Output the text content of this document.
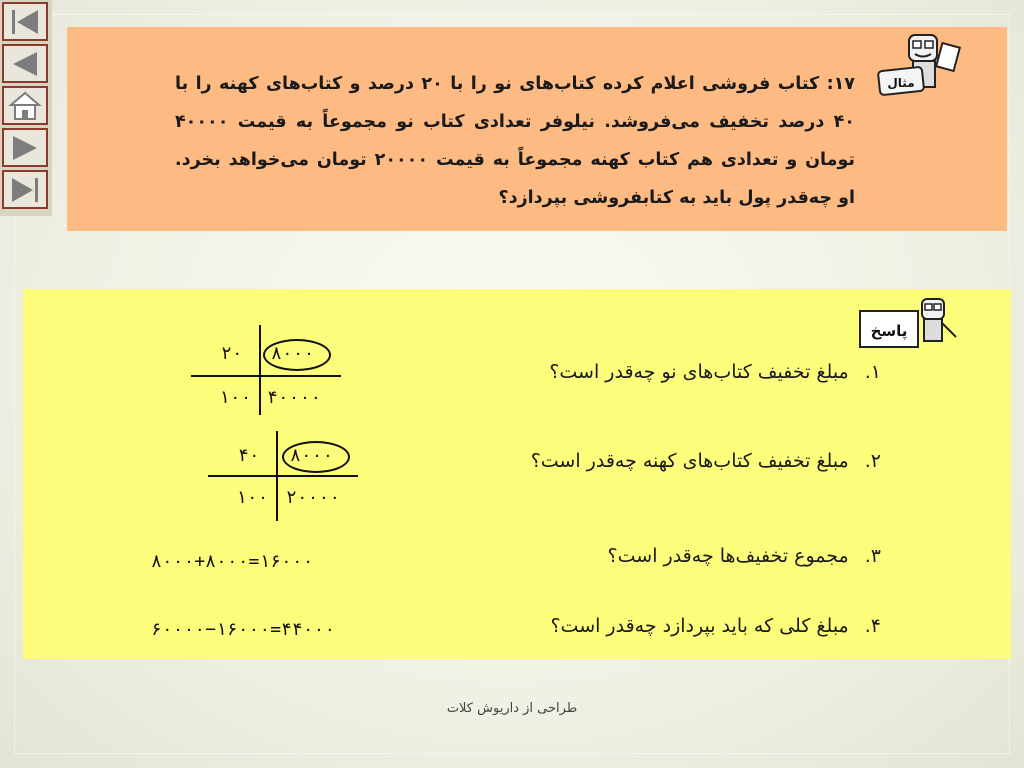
مثال
۱۷: کتاب فروشی اعلام کرده کتاب‌های نو را با ۲۰ درصد و کتاب‌های کهنه را با ۴۰ درصد تخفیف می‌فروشد. نیلوفر تعدادی کتاب نو مجموعاً به قیمت ۴۰۰۰۰ تومان و تعدادی هم کتاب کهنه مجموعاً به قیمت ۲۰۰۰۰ تومان می‌خواهد بخرد. او چه‌قدر پول باید به کتابفروشی بپردازد؟
پاسخ
۱.مبلغ تخفیف کتاب‌های نو چه‌قدر است؟
۲.مبلغ تخفیف کتاب‌های کهنه چه‌قدر است؟
۳.مجموع تخفیف‌ها چه‌قدر است؟
۴.مبلغ کلی که باید بپردازد چه‌قدر است؟
۲۰ ۸۰۰۰
۱۰۰ ۴۰۰۰۰
۴۰ ۸۰۰۰
۱۰۰ ۲۰۰۰۰
۸۰۰۰+۸۰۰۰=۱۶۰۰۰
۶۰۰۰۰−۱۶۰۰۰=۴۴۰۰۰
طراحی از داریوش کلات
